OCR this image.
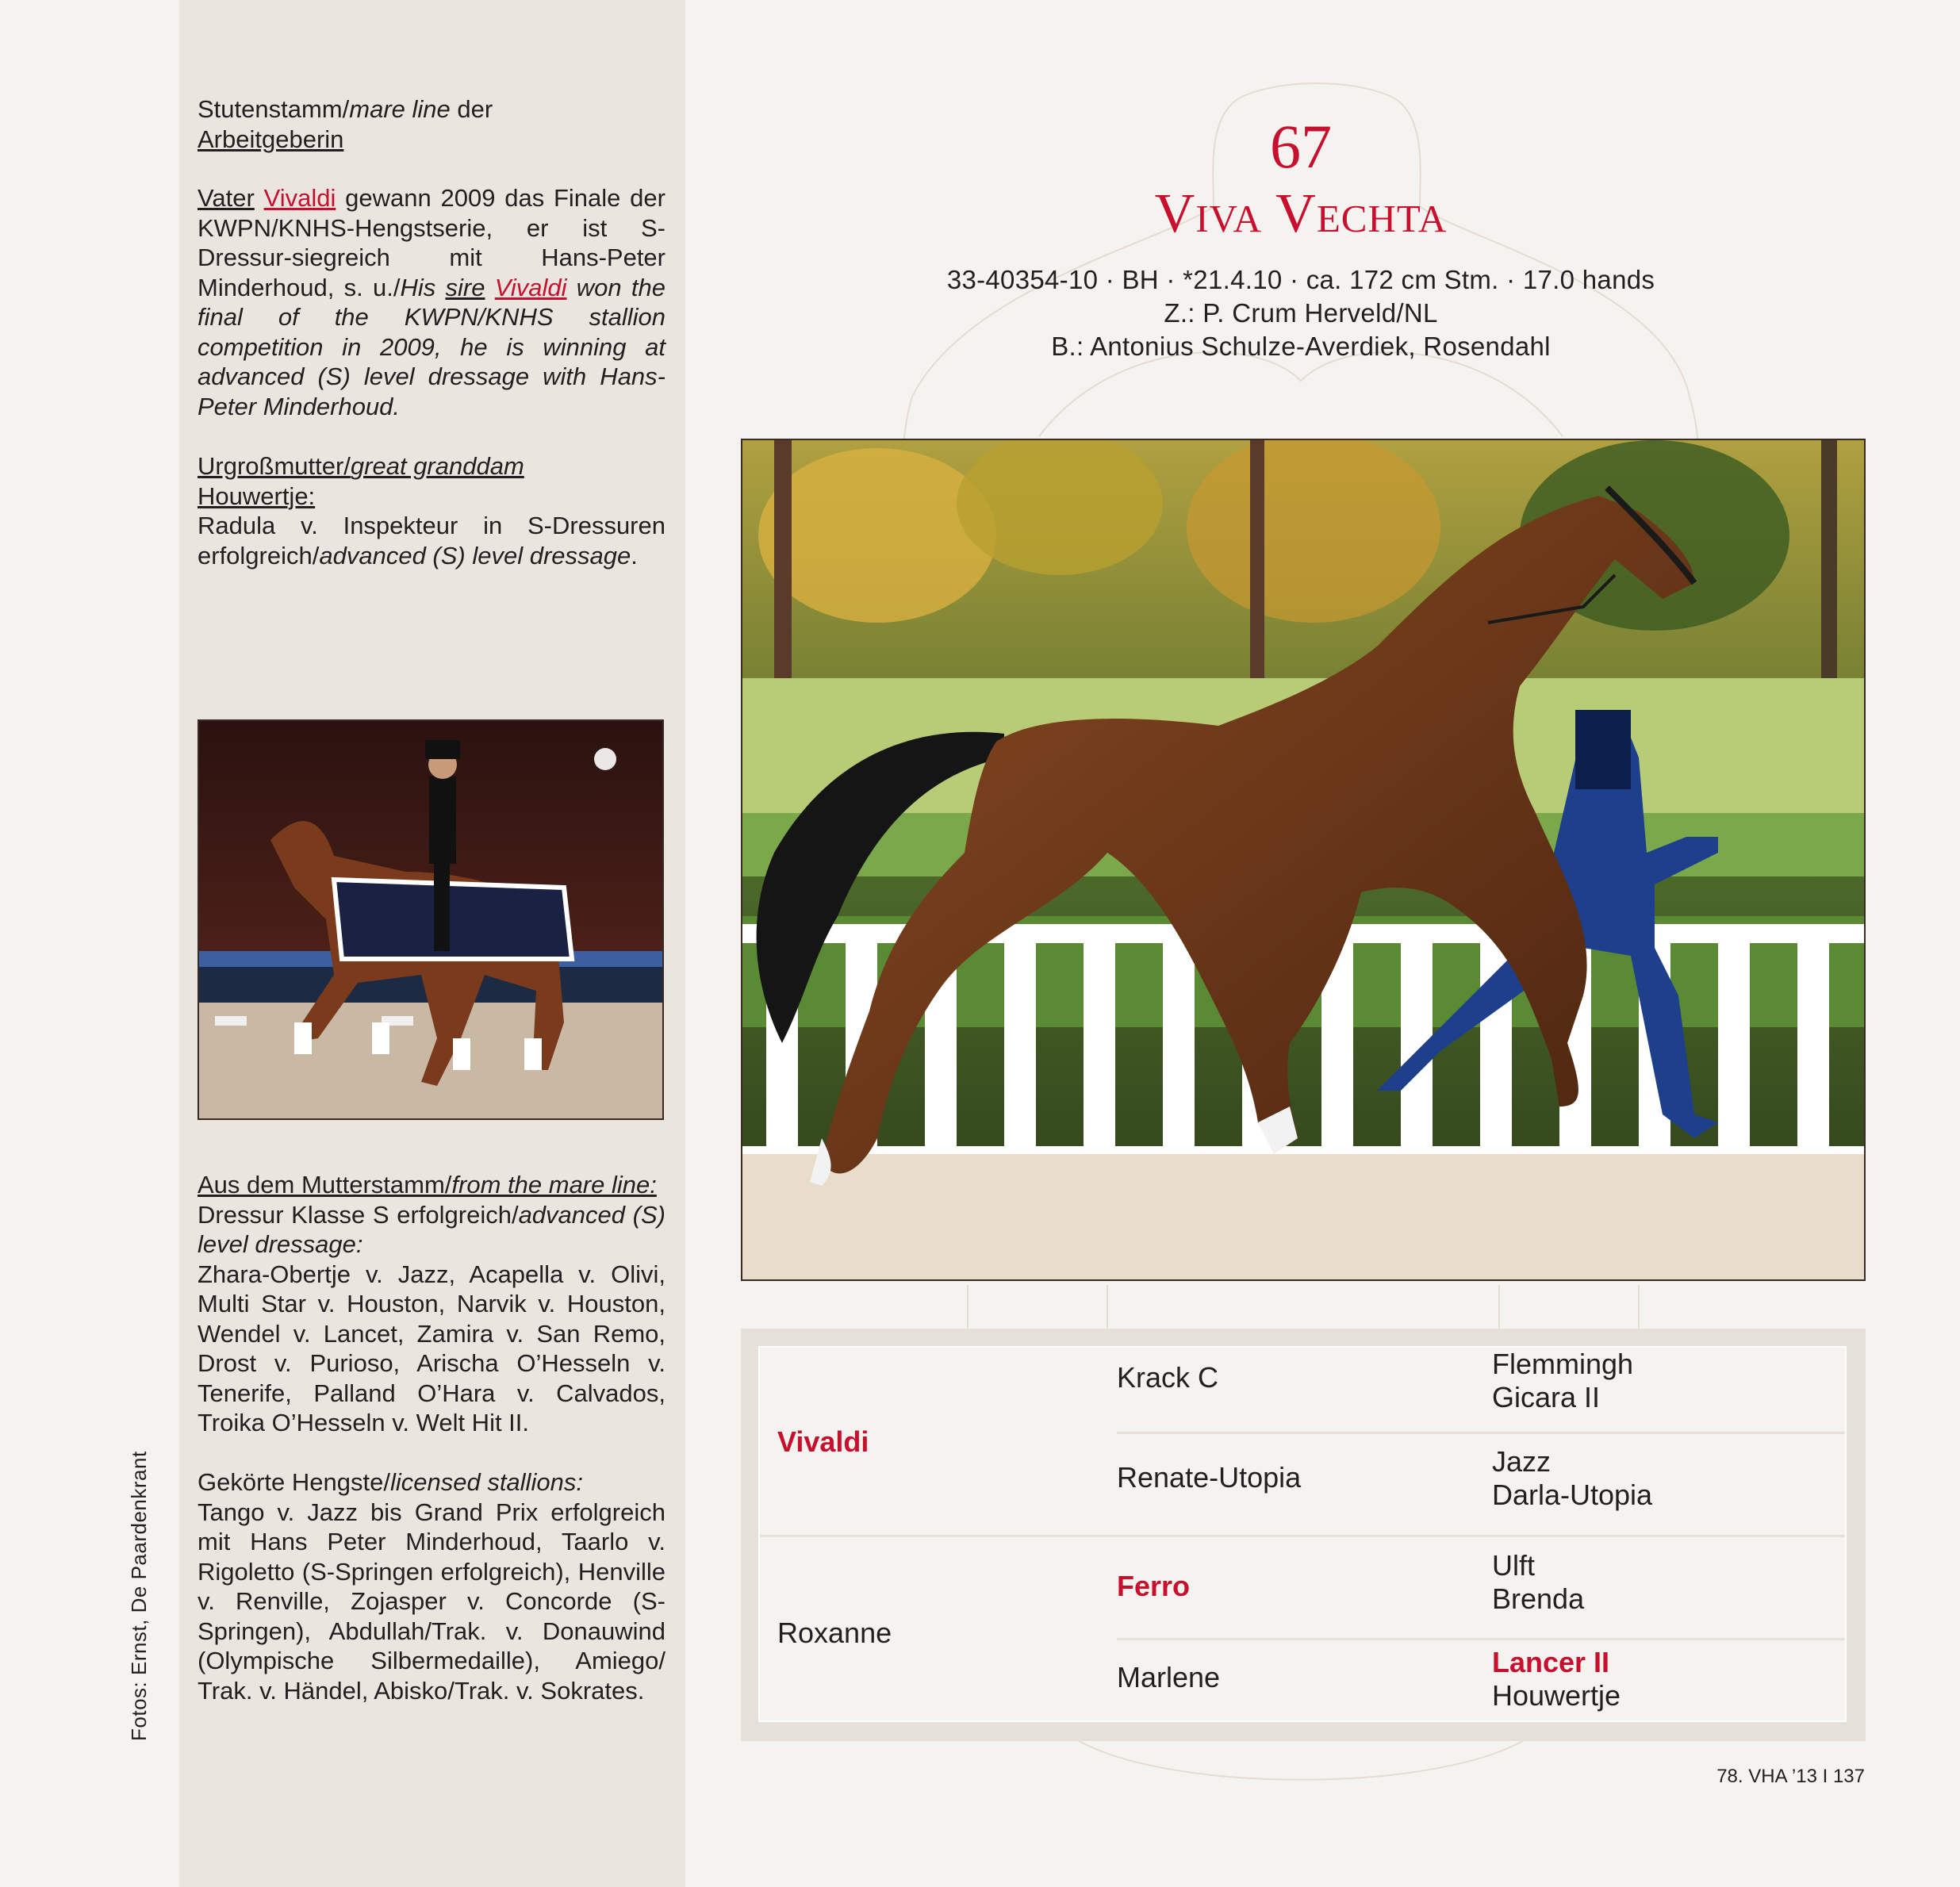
Fotos: Ernst, De Paardenkrant

Stutenstamm/mare line der
Arbeitgeberin

Vater Vivaldi gewann 2009 das Finale der KWPN/KNHS-Hengstserie, er ist S-Dressur-siegreich mit Hans-Peter Minderhoud, s. u./His sire Vivaldi won the final of the KWPN/KNHS stallion competition in 2009, he is winning at advanced (S) level dressage with Hans-Peter Minderhoud.

Urgroßmutter/great granddam
Houwertje:
Radula v. Inspekteur in S-Dressuren erfolgreich/advanced (S) level dressage.

Aus dem Mutterstamm/from the mare line:
Dressur Klasse S erfolgreich/advanced (S) level dressage:
Zhara-Obertje v. Jazz, Acapella v. Olivi, Multi Star v. Houston, Narvik v. Houston, Wendel v. Lancet, Zamira v. San Remo, Drost v. Purioso, Arischa O’Hesseln v. Tenerife, Palland O’Hara v. Calvados, Troika O’Hesseln v. Welt Hit II.

Gekörte Hengste/licensed stallions:
Tango v. Jazz bis Grand Prix erfolgreich mit Hans Peter Minderhoud, Taarlo v. Rigoletto (S-Springen erfolgreich), Henville v. Renville, Zojasper v. Concorde (S-Springen), Abdullah/Trak. v. Donauwind (Olympische Silbermedaille), Amiego/ Trak. v. Händel, Abisko/Trak. v. Sokrates.

67
Viva Vechta
33-40354-10 · BH · *21.4.10 · ca. 172 cm Stm. · 17.0 hands
Z.: P. Crum Herveld/NL
B.: Antonius Schulze-Averdiek, Rosendahl
Vivaldi
Roxanne
Krack C
Renate-Utopia
Ferro
Marlene
Flemmingh
Gicara II
Jazz
Darla-Utopia
Ulft
Brenda
Lancer II
Houwertje
78. VHA ’13 I 137
